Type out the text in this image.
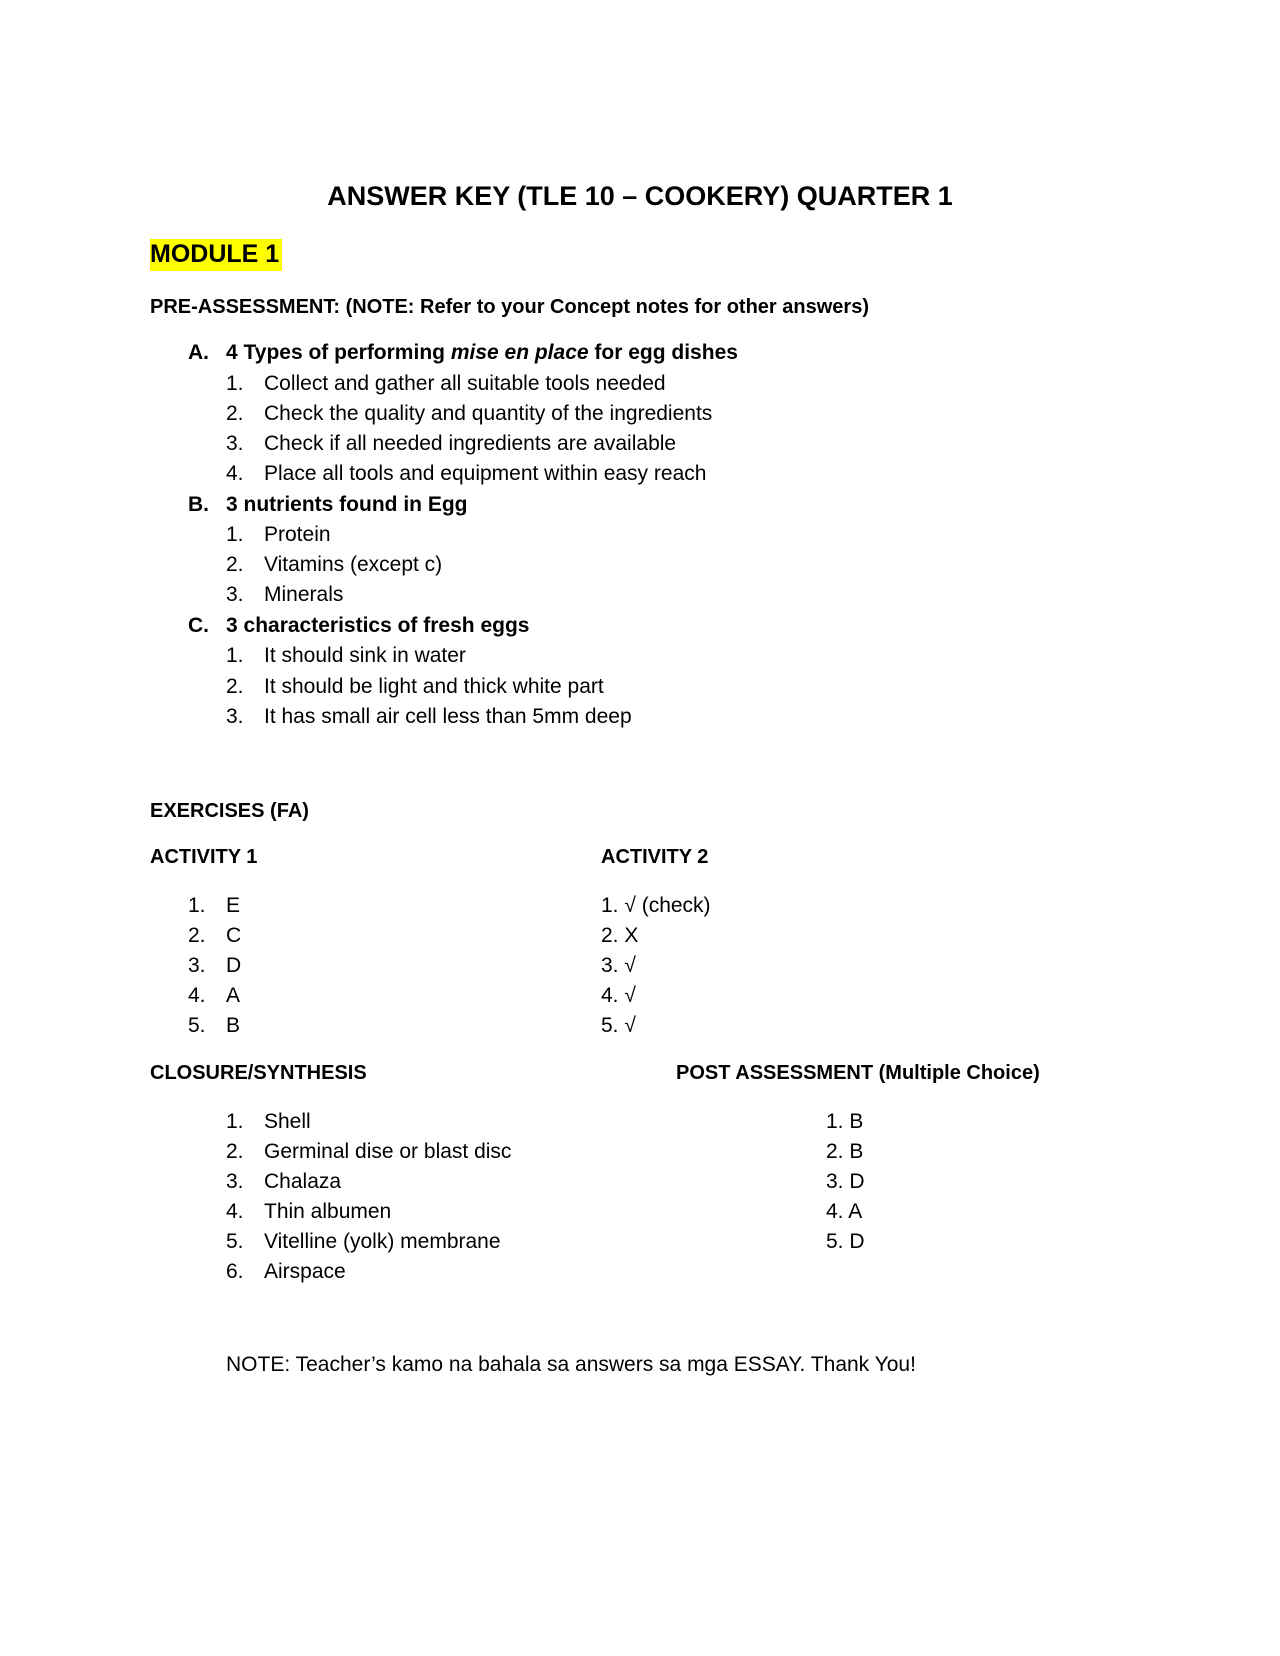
ANSWER KEY (TLE 10 – COOKERY) QUARTER 1
MODULE 1
PRE-ASSESSMENT: (NOTE: Refer to your Concept notes for other answers)
A. 4 Types of performing mise en place for egg dishes
1. Collect and gather all suitable tools needed
2. Check the quality and quantity of the ingredients
3. Check if all needed ingredients are available
4. Place all tools and equipment within easy reach
B. 3 nutrients found in Egg
1. Protein
2. Vitamins (except c)
3. Minerals
C. 3 characteristics of fresh eggs
1. It should sink in water
2. It should be light and thick white part
3. It has small air cell less than 5mm deep
EXERCISES (FA)
ACTIVITY 1	ACTIVITY 2
1. E
2. C
3. D
4. A
5. B
1. √ (check)
2. X
3. √
4. √
5. √
CLOSURE/SYNTHESIS	POST ASSESSMENT (Multiple Choice)
1. Shell
2. Germinal dise or blast disc
3. Chalaza
4. Thin albumen
5. Vitelline (yolk) membrane
6. Airspace
1. B
2. B
3. D
4. A
5. D
NOTE: Teacher’s kamo na bahala sa answers sa mga ESSAY. Thank You!
